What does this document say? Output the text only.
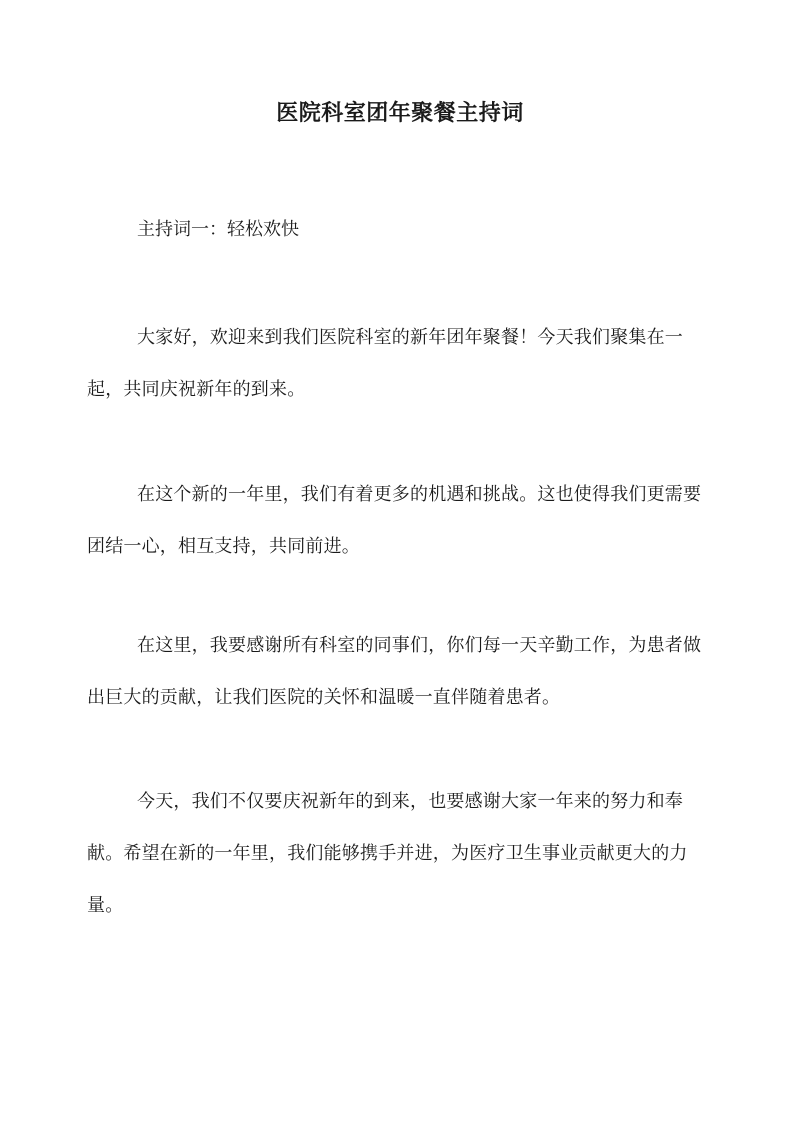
医院科室团年聚餐主持词
主持词一：轻松欢快

大家好，欢迎来到我们医院科室的新年团年聚餐！今天我们聚集在一起，共同庆祝新年的到来。

在这个新的一年里，我们有着更多的机遇和挑战。这也使得我们更需要团结一心，相互支持，共同前进。

在这里，我要感谢所有科室的同事们，你们每一天辛勤工作，为患者做出巨大的贡献，让我们医院的关怀和温暖一直伴随着患者。

今天，我们不仅要庆祝新年的到来，也要感谢大家一年来的努力和奉献。希望在新的一年里，我们能够携手并进，为医疗卫生事业贡献更大的力量。
